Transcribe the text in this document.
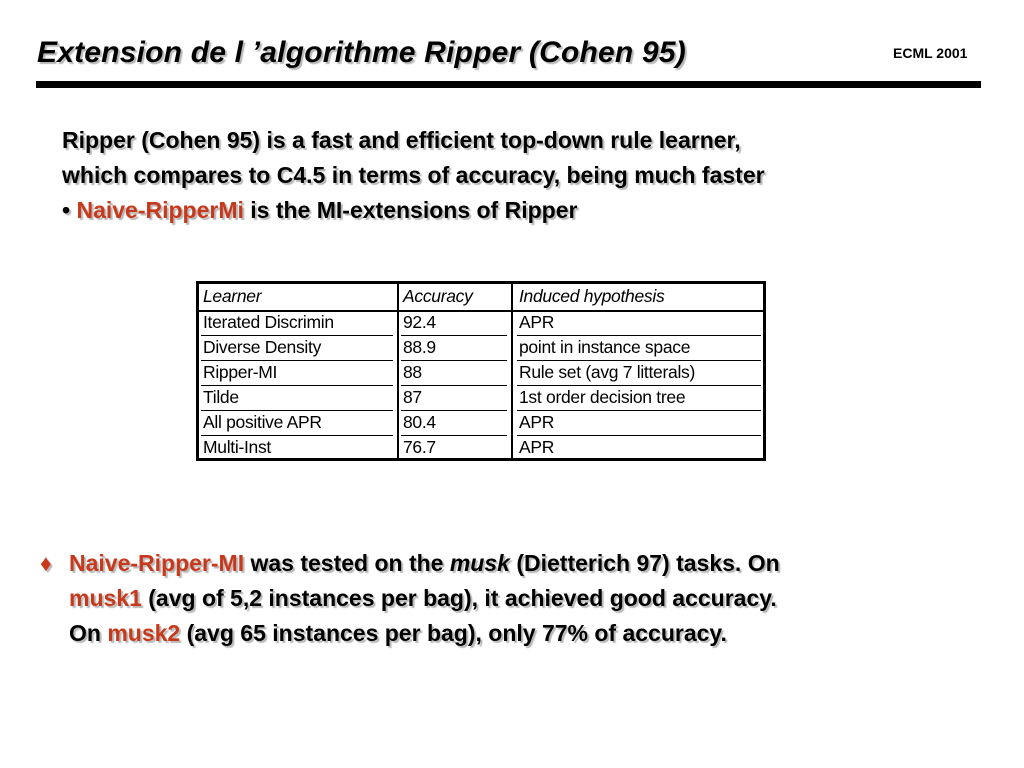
Extension de l ’algorithme Ripper (Cohen 95)	ECML 2001
Ripper (Cohen 95) is a fast and efficient top-down rule learner,
which compares to C4.5 in terms of accuracy, being much faster
• Naive-RipperMi is the MI-extensions of Ripper
Learner	Accuracy	Induced hypothesis
Iterated Discrimin	92.4	APR
Diverse Density	88.9	point in instance space
Ripper-MI	88	Rule set (avg 7 litterals)
Tilde	87	1st order decision tree
All positive APR	80.4	APR
Multi-Inst	76.7	APR
♦ Naive-Ripper-MI was tested on the musk (Dietterich 97) tasks. On
musk1 (avg of 5,2 instances per bag), it achieved good accuracy.
On musk2 (avg 65 instances per bag), only 77% of accuracy.
